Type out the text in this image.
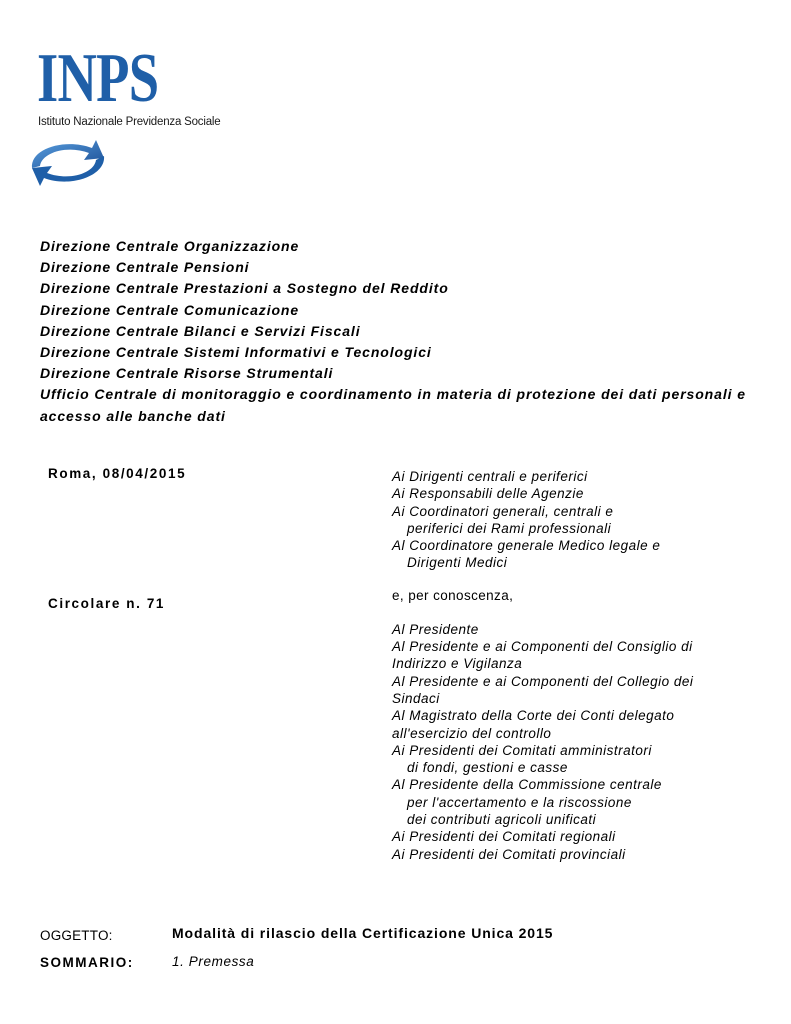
INPS
Istituto Nazionale Previdenza Sociale
Direzione Centrale Organizzazione
Direzione Centrale Pensioni
Direzione Centrale Prestazioni a Sostegno del Reddito
Direzione Centrale Comunicazione
Direzione Centrale Bilanci e Servizi Fiscali
Direzione Centrale Sistemi Informativi e Tecnologici
Direzione Centrale Risorse Strumentali
Ufficio Centrale di monitoraggio e coordinamento in materia di protezione dei dati personali e accesso alle banche dati
Roma, 08/04/2015
Circolare n. 71
Ai Dirigenti centrali e periferici
Ai Responsabili delle Agenzie
Ai Coordinatori generali, centrali e
periferici dei Rami professionali
Al Coordinatore generale Medico legale e
Dirigenti Medici
e, per conoscenza,
Al Presidente
Al Presidente e ai Componenti del Consiglio di
Indirizzo e Vigilanza
Al Presidente e ai Componenti del Collegio dei
Sindaci
Al Magistrato della Corte dei Conti delegato
all'esercizio del controllo
Ai Presidenti dei Comitati amministratori
di fondi, gestioni e casse
Al Presidente della Commissione centrale
per l'accertamento e la riscossione
dei contributi agricoli unificati
Ai Presidenti dei Comitati regionali
Ai Presidenti dei Comitati provinciali
OGGETTO:	Modalità di rilascio della Certificazione Unica 2015
SOMMARIO:	1. Premessa
